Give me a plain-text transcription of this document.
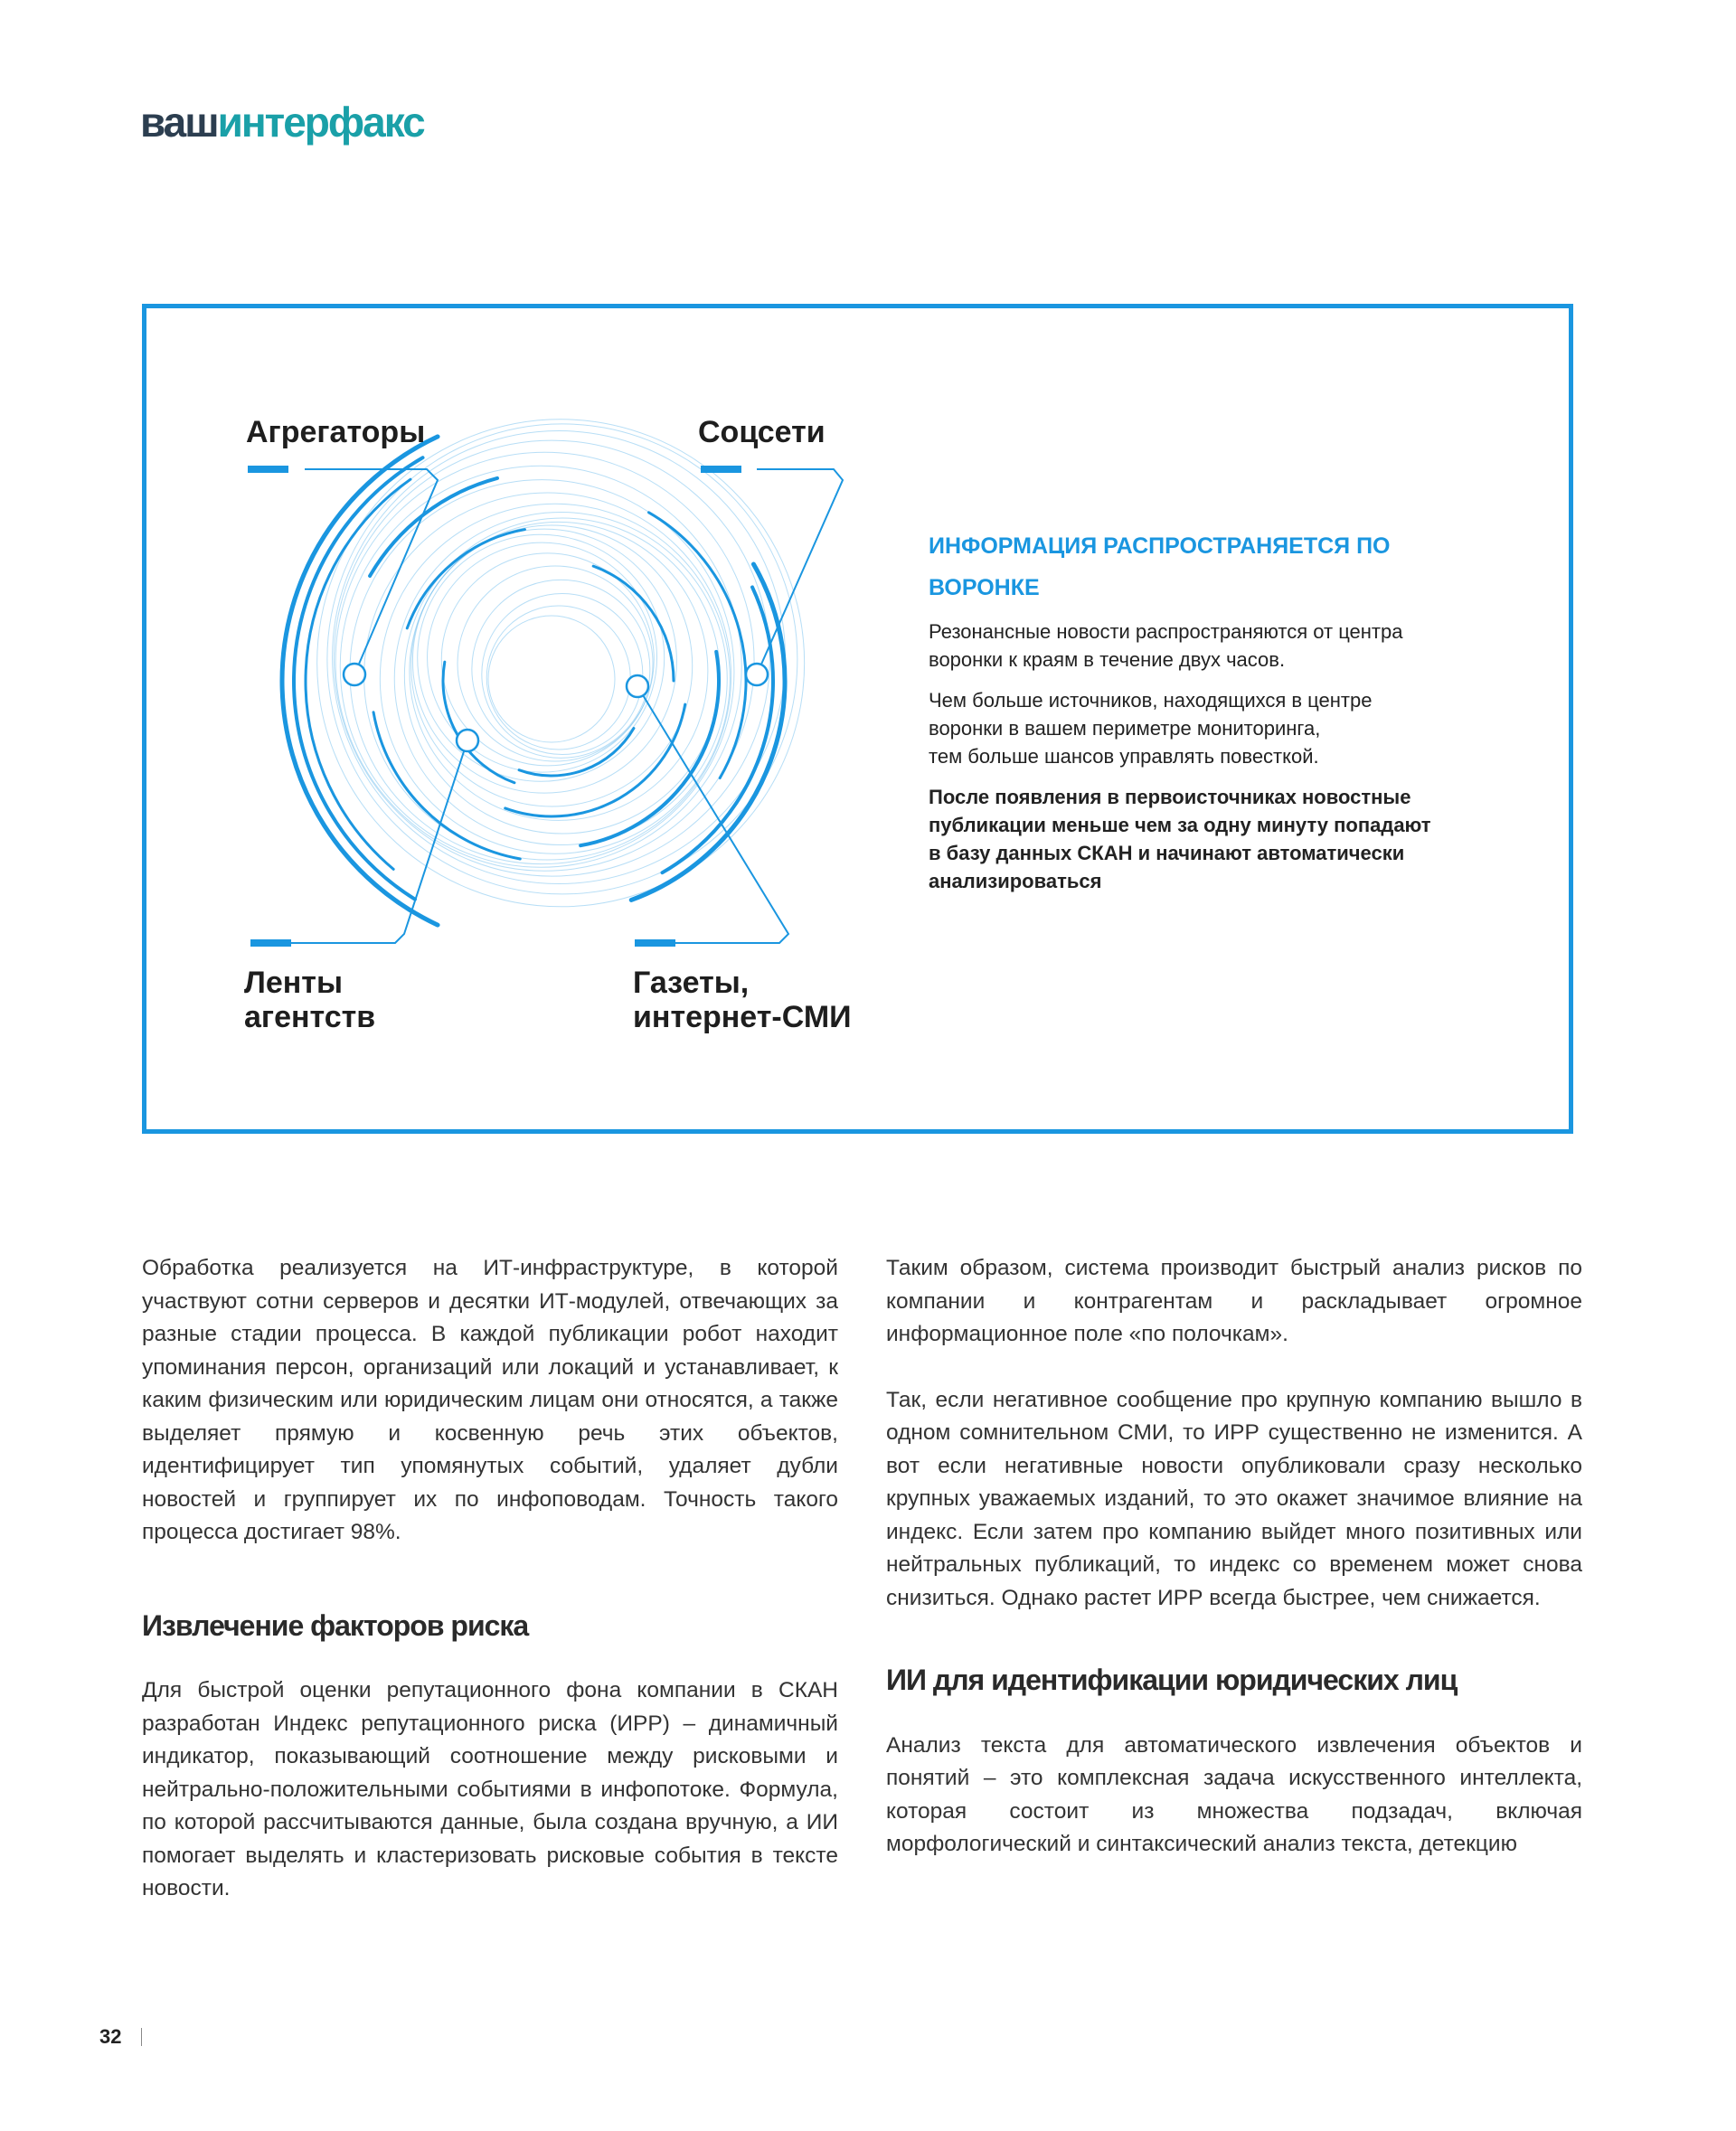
вашинтерфакс
Агрегаторы	Соцсети
Ленты
агентств
Газеты,
интернет-СМИ
ИНФОРМАЦИЯ РАСПРОСТРАНЯЕТСЯ ПО ВОРОНКЕ

Резонансные новости распространяются от центра
воронки к краям в течение двух часов.

Чем больше источников, находящихся в центре
воронки в вашем периметре мониторинга,
тем больше шансов управлять повесткой.

После появления в первоисточниках новостные
публикации меньше чем за одну минуту попадают
в базу данных СКАН и начинают автоматически
анализироваться

Обработка реализуется на ИТ-инфраструктуре, в которой участвуют сотни серверов и десятки ИТ-модулей, отвечающих за разные стадии процесса. В каждой публикации робот находит упоминания персон, организаций или локаций и устанавливает, к каким физическим или юридическим лицам они относятся, а также выделяет прямую и косвенную речь этих объектов, идентифицирует тип упомянутых событий, удаляет дубли новостей и группирует их по инфоповодам. Точность такого процесса достигает 98%.

Извлечение факторов риска

Для быстрой оценки репутационного фона компании в СКАН разработан Индекс репутационного риска (ИРР) – динамичный индикатор, показывающий соотношение между рисковыми и нейтрально-положительными событиями в инфопотоке. Формула, по которой рассчитываются данные, была создана вручную, а ИИ помогает выделять и кластеризовать рисковые события в тексте новости.

Таким образом, система производит быстрый анализ рисков по компании и контрагентам и раскладывает огромное информационное поле «по полочкам».

Так, если негативное сообщение про крупную компанию вышло в одном сомнительном СМИ, то ИРР существенно не изменится. А вот если негативные новости опубликовали сразу несколько крупных уважаемых изданий, то это окажет значимое влияние на индекс. Если затем про компанию выйдет много позитивных или нейтральных публикаций, то индекс со временем может снова снизиться. Однако растет ИРР всегда быстрее, чем снижается.

ИИ для идентификации юридических лиц

Анализ текста для автоматического извлечения объектов и понятий – это комплексная задача искусственного интеллекта, которая состоит из множества подзадач, включая морфологический и синтаксический анализ текста, детекцию

32
